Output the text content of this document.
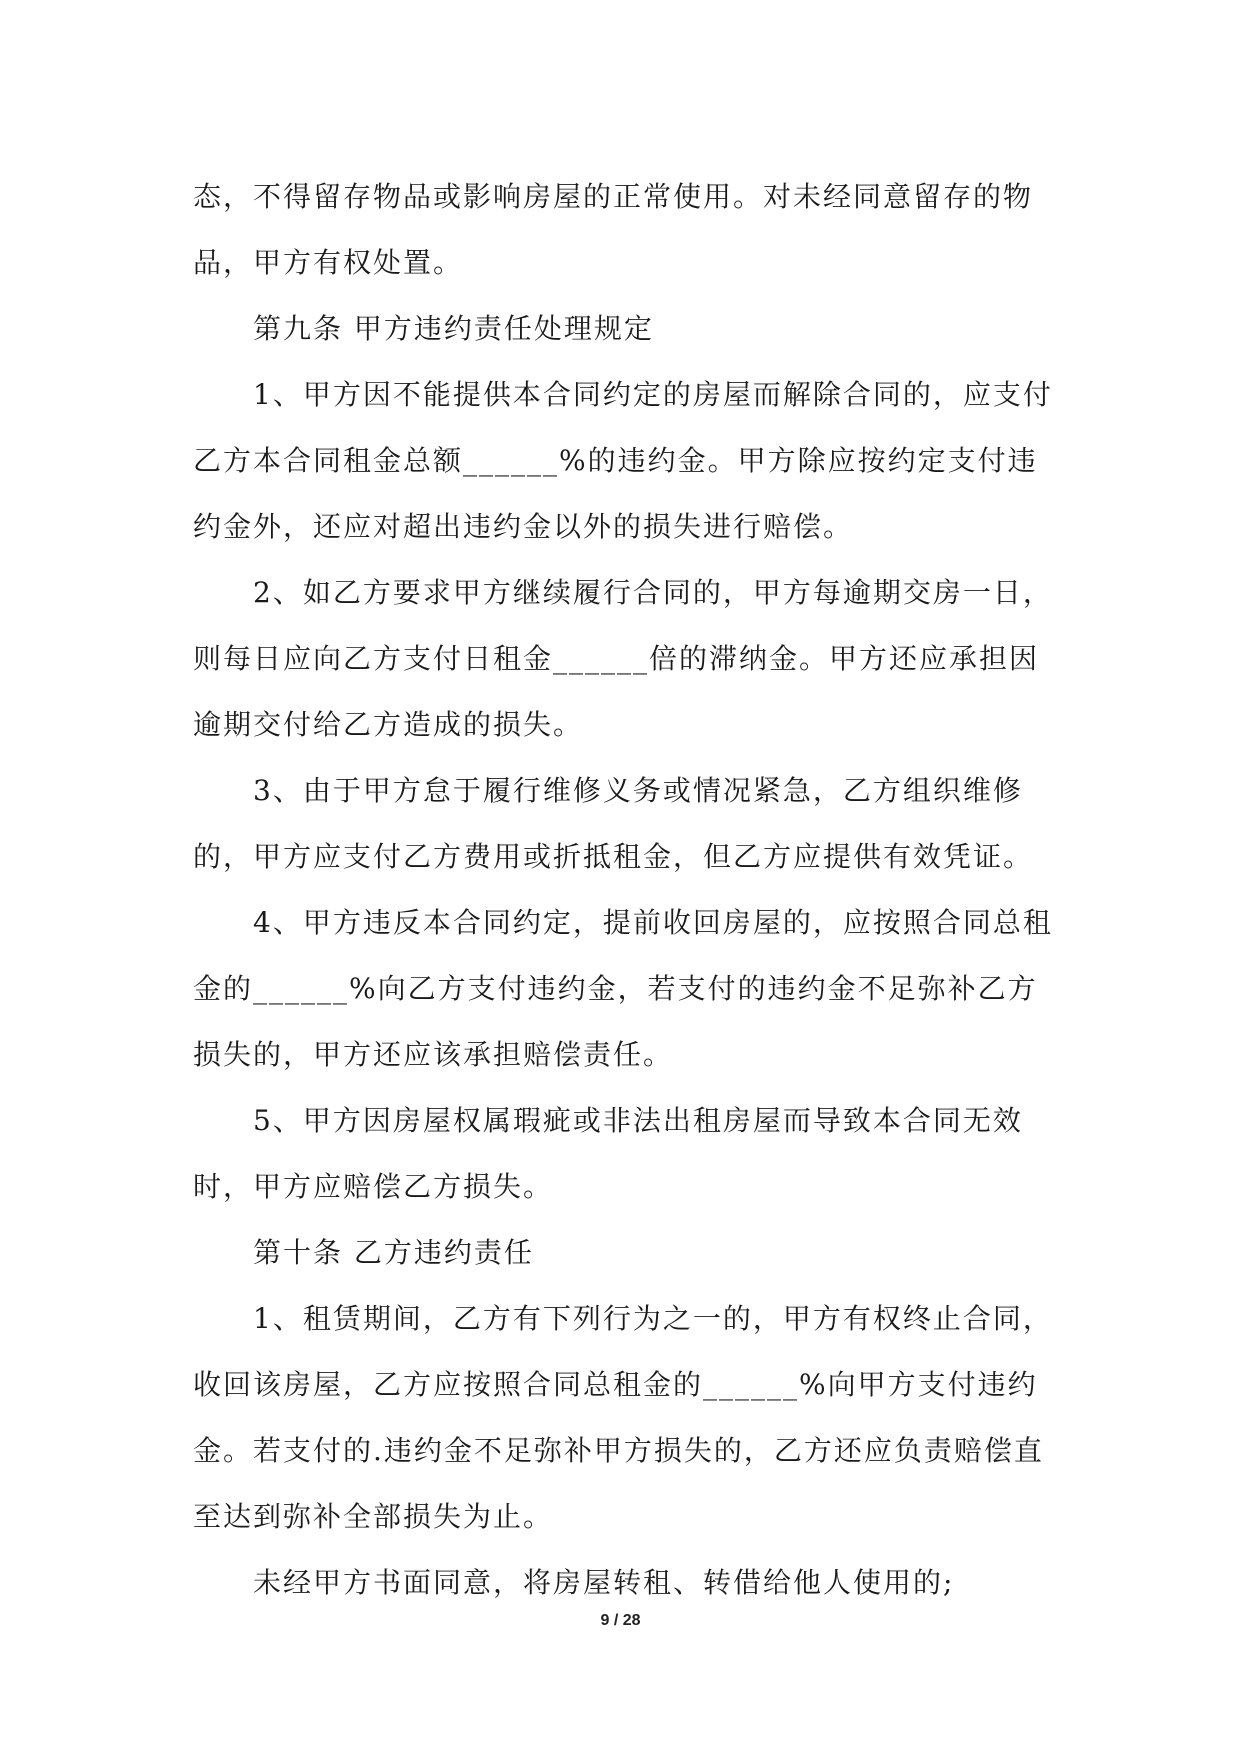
态，不得留存物品或影响房屋的正常使用。对未经同意留存的物品，甲方有权处置。

第九条 甲方违约责任处理规定

1、甲方因不能提供本合同约定的房屋而解除合同的，应支付乙方本合同租金总额______%的违约金。甲方除应按约定支付违约金外，还应对超出违约金以外的损失进行赔偿。

2、如乙方要求甲方继续履行合同的，甲方每逾期交房一日，则每日应向乙方支付日租金______倍的滞纳金。甲方还应承担因逾期交付给乙方造成的损失。

3、由于甲方怠于履行维修义务或情况紧急，乙方组织维修的，甲方应支付乙方费用或折抵租金，但乙方应提供有效凭证。

4、甲方违反本合同约定，提前收回房屋的，应按照合同总租金的______%向乙方支付违约金，若支付的违约金不足弥补乙方损失的，甲方还应该承担赔偿责任。

5、甲方因房屋权属瑕疵或非法出租房屋而导致本合同无效时，甲方应赔偿乙方损失。

第十条 乙方违约责任

1、租赁期间，乙方有下列行为之一的，甲方有权终止合同，收回该房屋，乙方应按照合同总租金的______%向甲方支付违约金。若支付的.违约金不足弥补甲方损失的，乙方还应负责赔偿直至达到弥补全部损失为止。

未经甲方书面同意，将房屋转租、转借给他人使用的;

9 / 28
